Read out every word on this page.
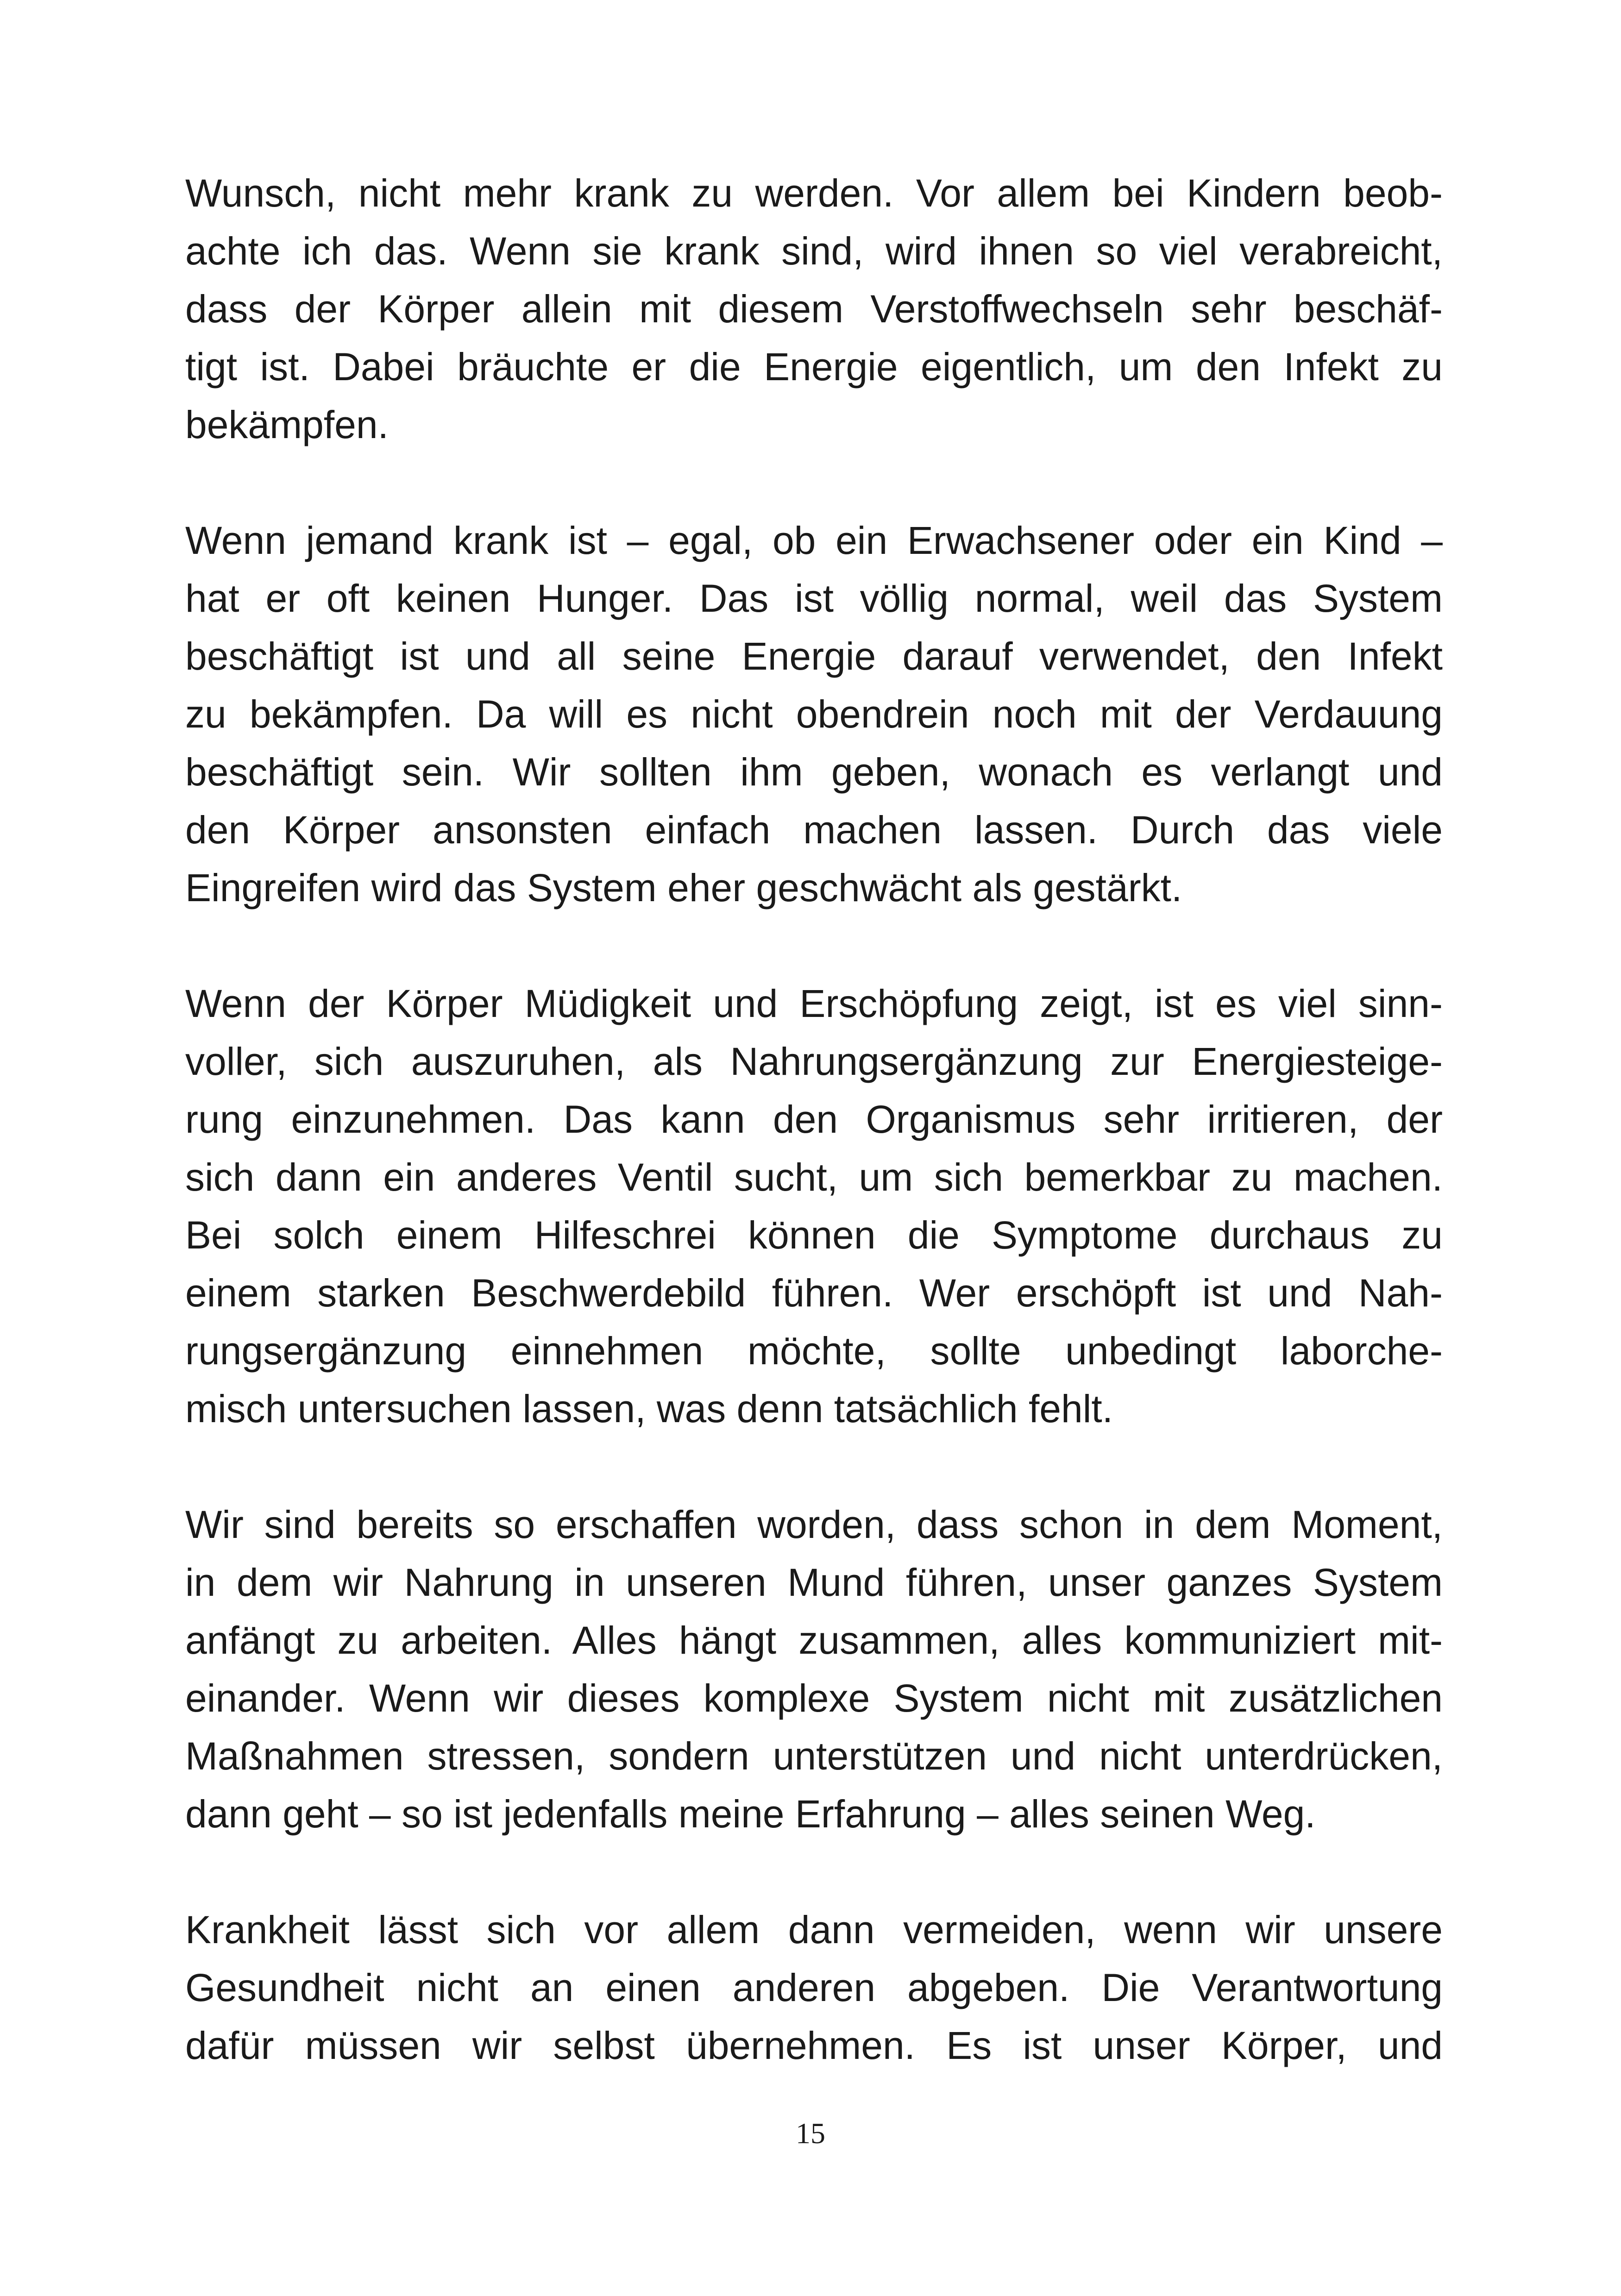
Wunsch, nicht mehr krank zu werden. Vor allem bei Kindern beob-
achte ich das. Wenn sie krank sind, wird ihnen so viel verabreicht,
dass der Körper allein mit diesem Verstoffwechseln sehr beschäf-
tigt ist. Dabei bräuchte er die Energie eigentlich, um den Infekt zu
bekämpfen.
Wenn jemand krank ist – egal, ob ein Erwachsener oder ein Kind –
hat er oft keinen Hunger. Das ist völlig normal, weil das System
beschäftigt ist und all seine Energie darauf verwendet, den Infekt
zu bekämpfen. Da will es nicht obendrein noch mit der Verdauung
beschäftigt sein. Wir sollten ihm geben, wonach es verlangt und
den Körper ansonsten einfach machen lassen. Durch das viele
Eingreifen wird das System eher geschwächt als gestärkt.
Wenn der Körper Müdigkeit und Erschöpfung zeigt, ist es viel sinn-
voller, sich auszuruhen, als Nahrungsergänzung zur Energiesteige-
rung einzunehmen. Das kann den Organismus sehr irritieren, der
sich dann ein anderes Ventil sucht, um sich bemerkbar zu machen.
Bei solch einem Hilfeschrei können die Symptome durchaus zu
einem starken Beschwerdebild führen. Wer erschöpft ist und Nah-
rungsergänzung einnehmen möchte, sollte unbedingt laborche-
misch untersuchen lassen, was denn tatsächlich fehlt.
Wir sind bereits so erschaffen worden, dass schon in dem Moment,
in dem wir Nahrung in unseren Mund führen, unser ganzes System
anfängt zu arbeiten. Alles hängt zusammen, alles kommuniziert mit-
einander. Wenn wir dieses komplexe System nicht mit zusätzlichen
Maßnahmen stressen, sondern unterstützen und nicht unterdrücken,
dann geht – so ist jedenfalls meine Erfahrung – alles seinen Weg.
Krankheit lässt sich vor allem dann vermeiden, wenn wir unsere
Gesundheit nicht an einen anderen abgeben. Die Verantwortung
dafür müssen wir selbst übernehmen. Es ist unser Körper, und
15
